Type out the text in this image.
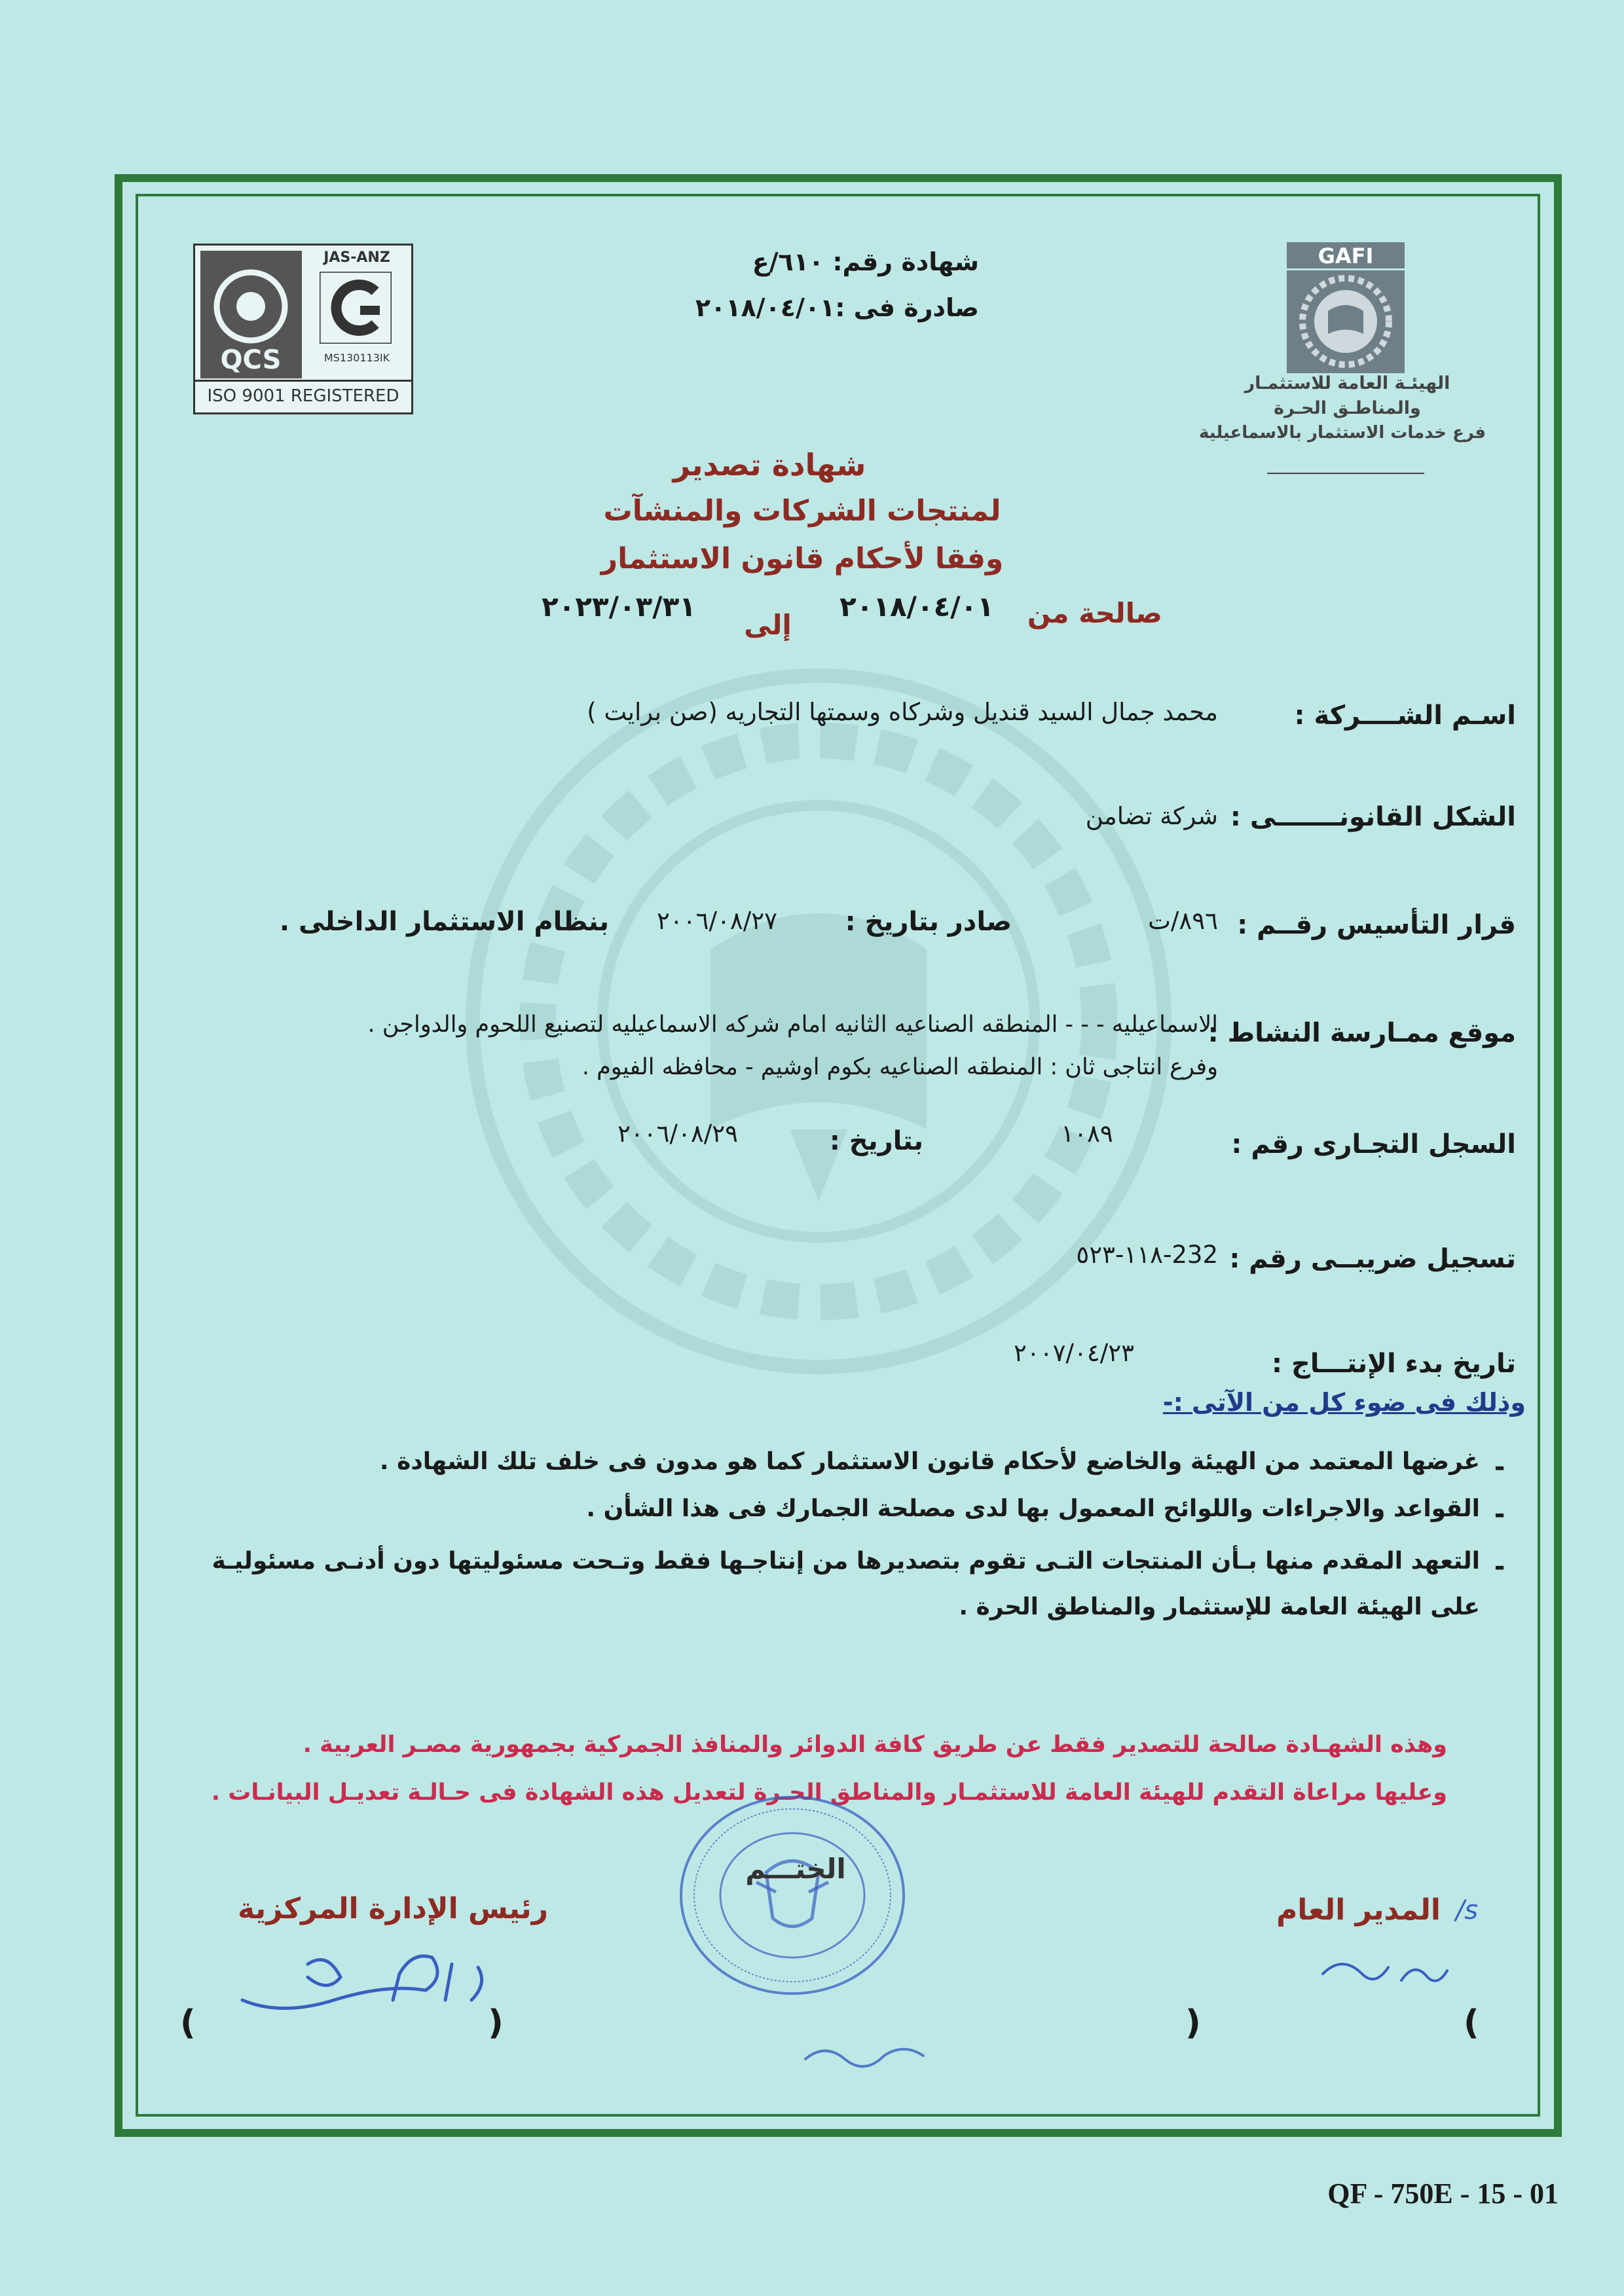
GAFI
الهيئـة العامة للاستثمـار
والمناطـق الحـرة
فرع خدمات الاستثمار بالاسماعيلية
QCS
JAS-ANZ
MS130113IK
ISO 9001 REGISTERED
شهادة رقم: ٦١٠/ع
صادرة فى :٢٠١٨/٠٤/٠١
شهادة تصدير
لمنتجات الشركات والمنشآت
وفقا لأحكام قانون الاستثمار
صالحة من
٢٠١٨/٠٤/٠١
إلى
٢٠٢٣/٠٣/٣١
اسـم الشــــركة :
محمد جمال السيد قنديل وشركاه وسمتها التجاريه (صن برايت )
الشكل القانونـــــــى :
شركة تضامن
قرار التأسيس رقــم :
٨٩٦/ت
صادر بتاريخ :
٢٠٠٦/٠٨/٢٧
بنظام الاستثمار الداخلى .
موقع ممـارسة النشاط :
الاسماعيليه - - - المنطقه الصناعيه الثانيه امام شركه الاسماعيليه لتصنيع اللحوم والدواجن .
وفرع انتاجى ثان : المنطقه الصناعيه بكوم اوشيم - محافظه الفيوم .
السجل التجـارى رقم :
١٠٨٩
بتاريخ :
٢٠٠٦/٠٨/٢٩
تسجيل ضريبــى رقم :
١١٨-٥٢٣-232
تاريخ بدء الإنتـــاج :
٢٠٠٧/٠٤/٢٣
وذلك فى ضوء كل من الآتى :-
-
غرضها المعتمد من الهيئة والخاضع لأحكام قانون الاستثمار كما هو مدون فى خلف تلك الشهادة .
-
القواعد والاجراءات واللوائح المعمول بها لدى مصلحة الجمارك فى هذا الشأن .
-
التعهد المقدم منها بـأن المنتجات التـى تقوم بتصديرها من إنتاجـها فقط وتـحت مسئوليتها دون أدنـى مسئوليـة
على الهيئة العامة للإستثمار والمناطق الحرة .
وهذه الشهـادة صالحة للتصدير فقط عن طريق كافة الدوائر والمنافذ الجمركية بجمهورية مصـر العربية .
وعليها مراعاة التقدم للهيئة العامة للاستثمـار والمناطق الحـرة لتعديل هذه الشهادة فى حـالـة تعديـل البيانـات .
الختـــم
رئيس الإدارة المركزية	المدير العام /s
(	)	)	(
QF - 750E - 15 - 01
